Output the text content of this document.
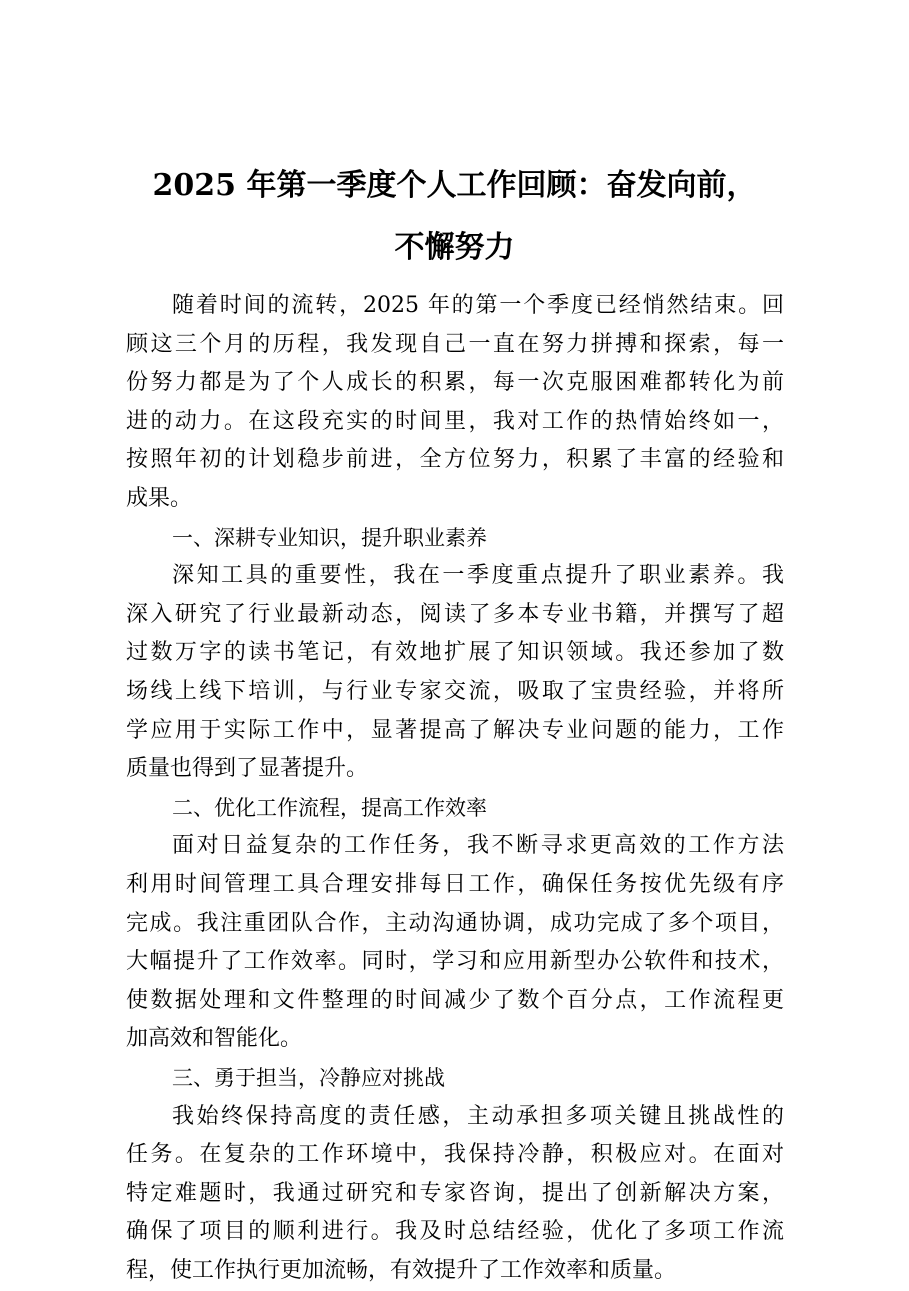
2025 年第一季度个人工作回顾：奋发向前，
不懈努力
随着时间的流转，2025 年的第一个季度已经悄然结束。回
顾这三个月的历程，我发现自己一直在努力拼搏和探索，每一
份努力都是为了个人成长的积累，每一次克服困难都转化为前
进的动力。在这段充实的时间里，我对工作的热情始终如一，
按照年初的计划稳步前进，全方位努力，积累了丰富的经验和
成果。
一、深耕专业知识，提升职业素养
深知工具的重要性，我在一季度重点提升了职业素养。我
深入研究了行业最新动态，阅读了多本专业书籍，并撰写了超
过数万字的读书笔记，有效地扩展了知识领域。我还参加了数
场线上线下培训，与行业专家交流，吸取了宝贵经验，并将所
学应用于实际工作中，显著提高了解决专业问题的能力，工作
质量也得到了显著提升。
二、优化工作流程，提高工作效率
面对日益复杂的工作任务，我不断寻求更高效的工作方法
利用时间管理工具合理安排每日工作，确保任务按优先级有序
完成。我注重团队合作，主动沟通协调，成功完成了多个项目，
大幅提升了工作效率。同时，学习和应用新型办公软件和技术，
使数据处理和文件整理的时间减少了数个百分点，工作流程更
加高效和智能化。
三、勇于担当，冷静应对挑战
我始终保持高度的责任感，主动承担多项关键且挑战性的
任务。在复杂的工作环境中，我保持冷静，积极应对。在面对
特定难题时，我通过研究和专家咨询，提出了创新解决方案，
确保了项目的顺利进行。我及时总结经验，优化了多项工作流
程，使工作执行更加流畅，有效提升了工作效率和质量。
